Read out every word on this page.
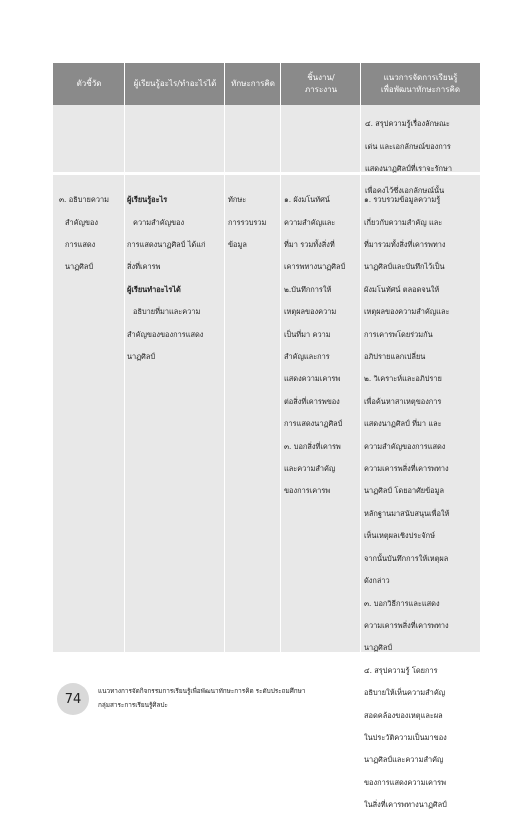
ตัวชี้วัด	ผู้เรียนรู้อะไร/ทำอะไรได้	ทักษะการคิด
ชิ้นงาน/
ภาระงาน
แนวการจัดการเรียนรู้
เพื่อพัฒนาทักษะการคิด

๔. สรุปความรู้เรื่องลักษณะ

เด่น และเอกลักษณ์ของการ

แสดงนาฏศิลป์ที่เราจะรักษา

เพื่อคงไว้ซึ่งเอกลักษณ์นั้น

๓. อธิบายความ

สำคัญของ

การแสดง

นาฏศิลป์

ผู้เรียนรู้อะไร

ความสำคัญของ

การแสดงนาฏศิลป์ ได้แก่

สิ่งที่เคารพ

ผู้เรียนทำอะไรได้

อธิบายที่มาและความ

สำคัญของของการแสดง

นาฏศิลป์

ทักษะ

การรวบรวม

ข้อมูล

๑. ผังมโนทัศน์

ความสำคัญและ

ที่มา รวมทั้งสิ่งที่

เคารพทางนาฏศิลป์

๒.บันทึกการให้

เหตุผลของความ

เป็นที่มา ความ

สำคัญและการ

แสดงความเคารพ

ต่อสิ่งที่เคารพของ

การแสดงนาฏศิลป์

๓. บอกสิ่งที่เคารพ

และความสำคัญ

ของการเคารพ

๑. รวบรวมข้อมูลความรู้

เกี่ยวกับความสำคัญ และ

ที่มารวมทั้งสิ่งที่เคารพทาง

นาฏศิลป์และบันทึกไว้เป็น

ผังมโนทัศน์ ตลอดจนให้

เหตุผลของความสำคัญและ

การเคารพโดยร่วมกัน

อภิปรายแลกเปลี่ยน

๒. วิเคราะห์และอภิปราย

เพื่อค้นหาสาเหตุของการ

แสดงนาฏศิลป์ ที่มา และ

ความสำคัญของการแสดง

ความเคารพสิ่งที่เคารพทาง

นาฏศิลป์ โดยอาศัยข้อมูล

หลักฐานมาสนับสนุนเพื่อให้

เห็นเหตุผลเชิงประจักษ์

จากนั้นบันทึกการให้เหตุผล

ดังกล่าว

๓. บอกวิธีการและแสดง

ความเคารพสิ่งที่เคารพทาง

นาฏศิลป์

๔. สรุปความรู้ โดยการ

อธิบายให้เห็นความสำคัญ

สอดคล้องของเหตุและผล

ในประวัติความเป็นมาของ

นาฏศิลป์และความสำคัญ

ของการแสดงความเคารพ

ในสิ่งที่เคารพทางนาฏศิลป์

74
แนวทางการจัดกิจกรรมการเรียนรู้เพื่อพัฒนาทักษะการคิด ระดับประถมศึกษา
กลุ่มสาระการเรียนรู้ศิลปะ
